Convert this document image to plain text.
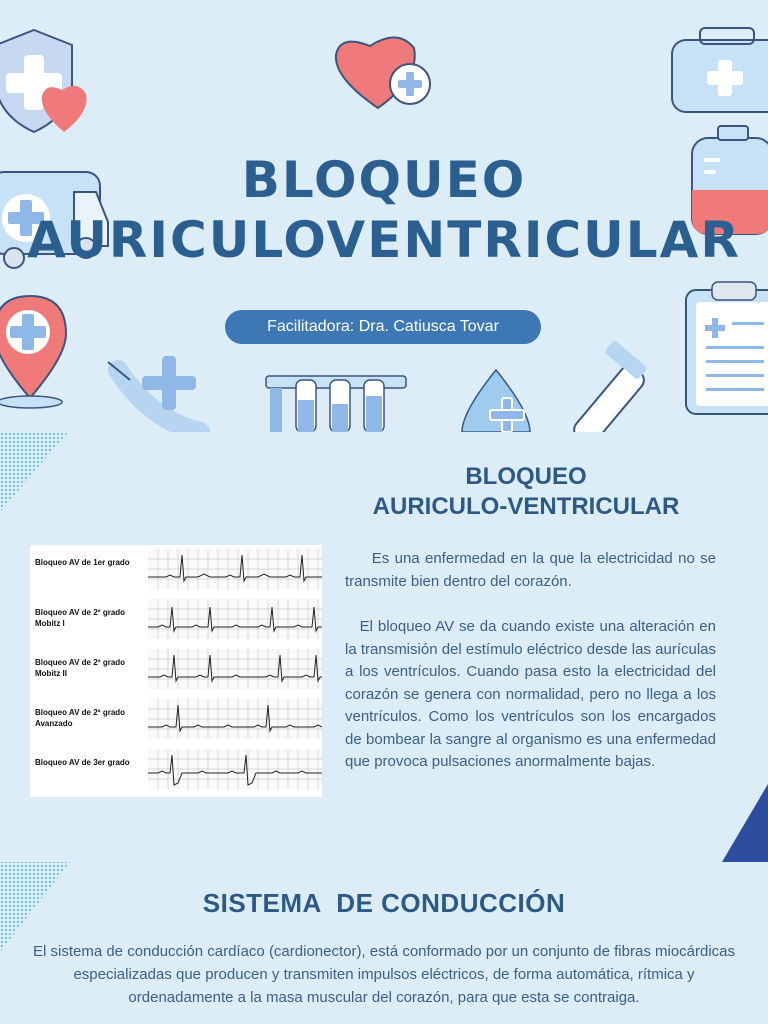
BLOQUEO
AURICULOVENTRICULAR
Facilitadora: Dra. Catiusca Tovar
BLOQUEO
AURICULO-VENTRICULAR
Bloqueo AV de 1er grado
Bloqueo AV de 2º grado
Mobitz I
Bloqueo AV de 2º grado
Mobitz II
Bloqueo AV de 2º grado
Avanzado
Bloqueo AV de 3er grado

Es una enfermedad en la que la electricidad no se transmite bien dentro del corazón.

El bloqueo AV se da cuando existe una alteración en la transmisión del estímulo eléctrico desde las aurículas a los ventrículos. Cuando pasa esto la electricidad del corazón se genera con normalidad, pero no llega a los ventrículos. Como los ventrículos son los encargados de bombear la sangre al organismo es una enfermedad que provoca pulsaciones anormalmente bajas.

SISTEMA  DE CONDUCCIÓN

El sistema de conducción cardíaco (cardionector), está conformado por un conjunto de fibras miocárdicas especializadas que producen y transmiten impulsos eléctricos, de forma automática, rítmica y ordenadamente a la masa muscular del corazón, para que esta se contraiga.
